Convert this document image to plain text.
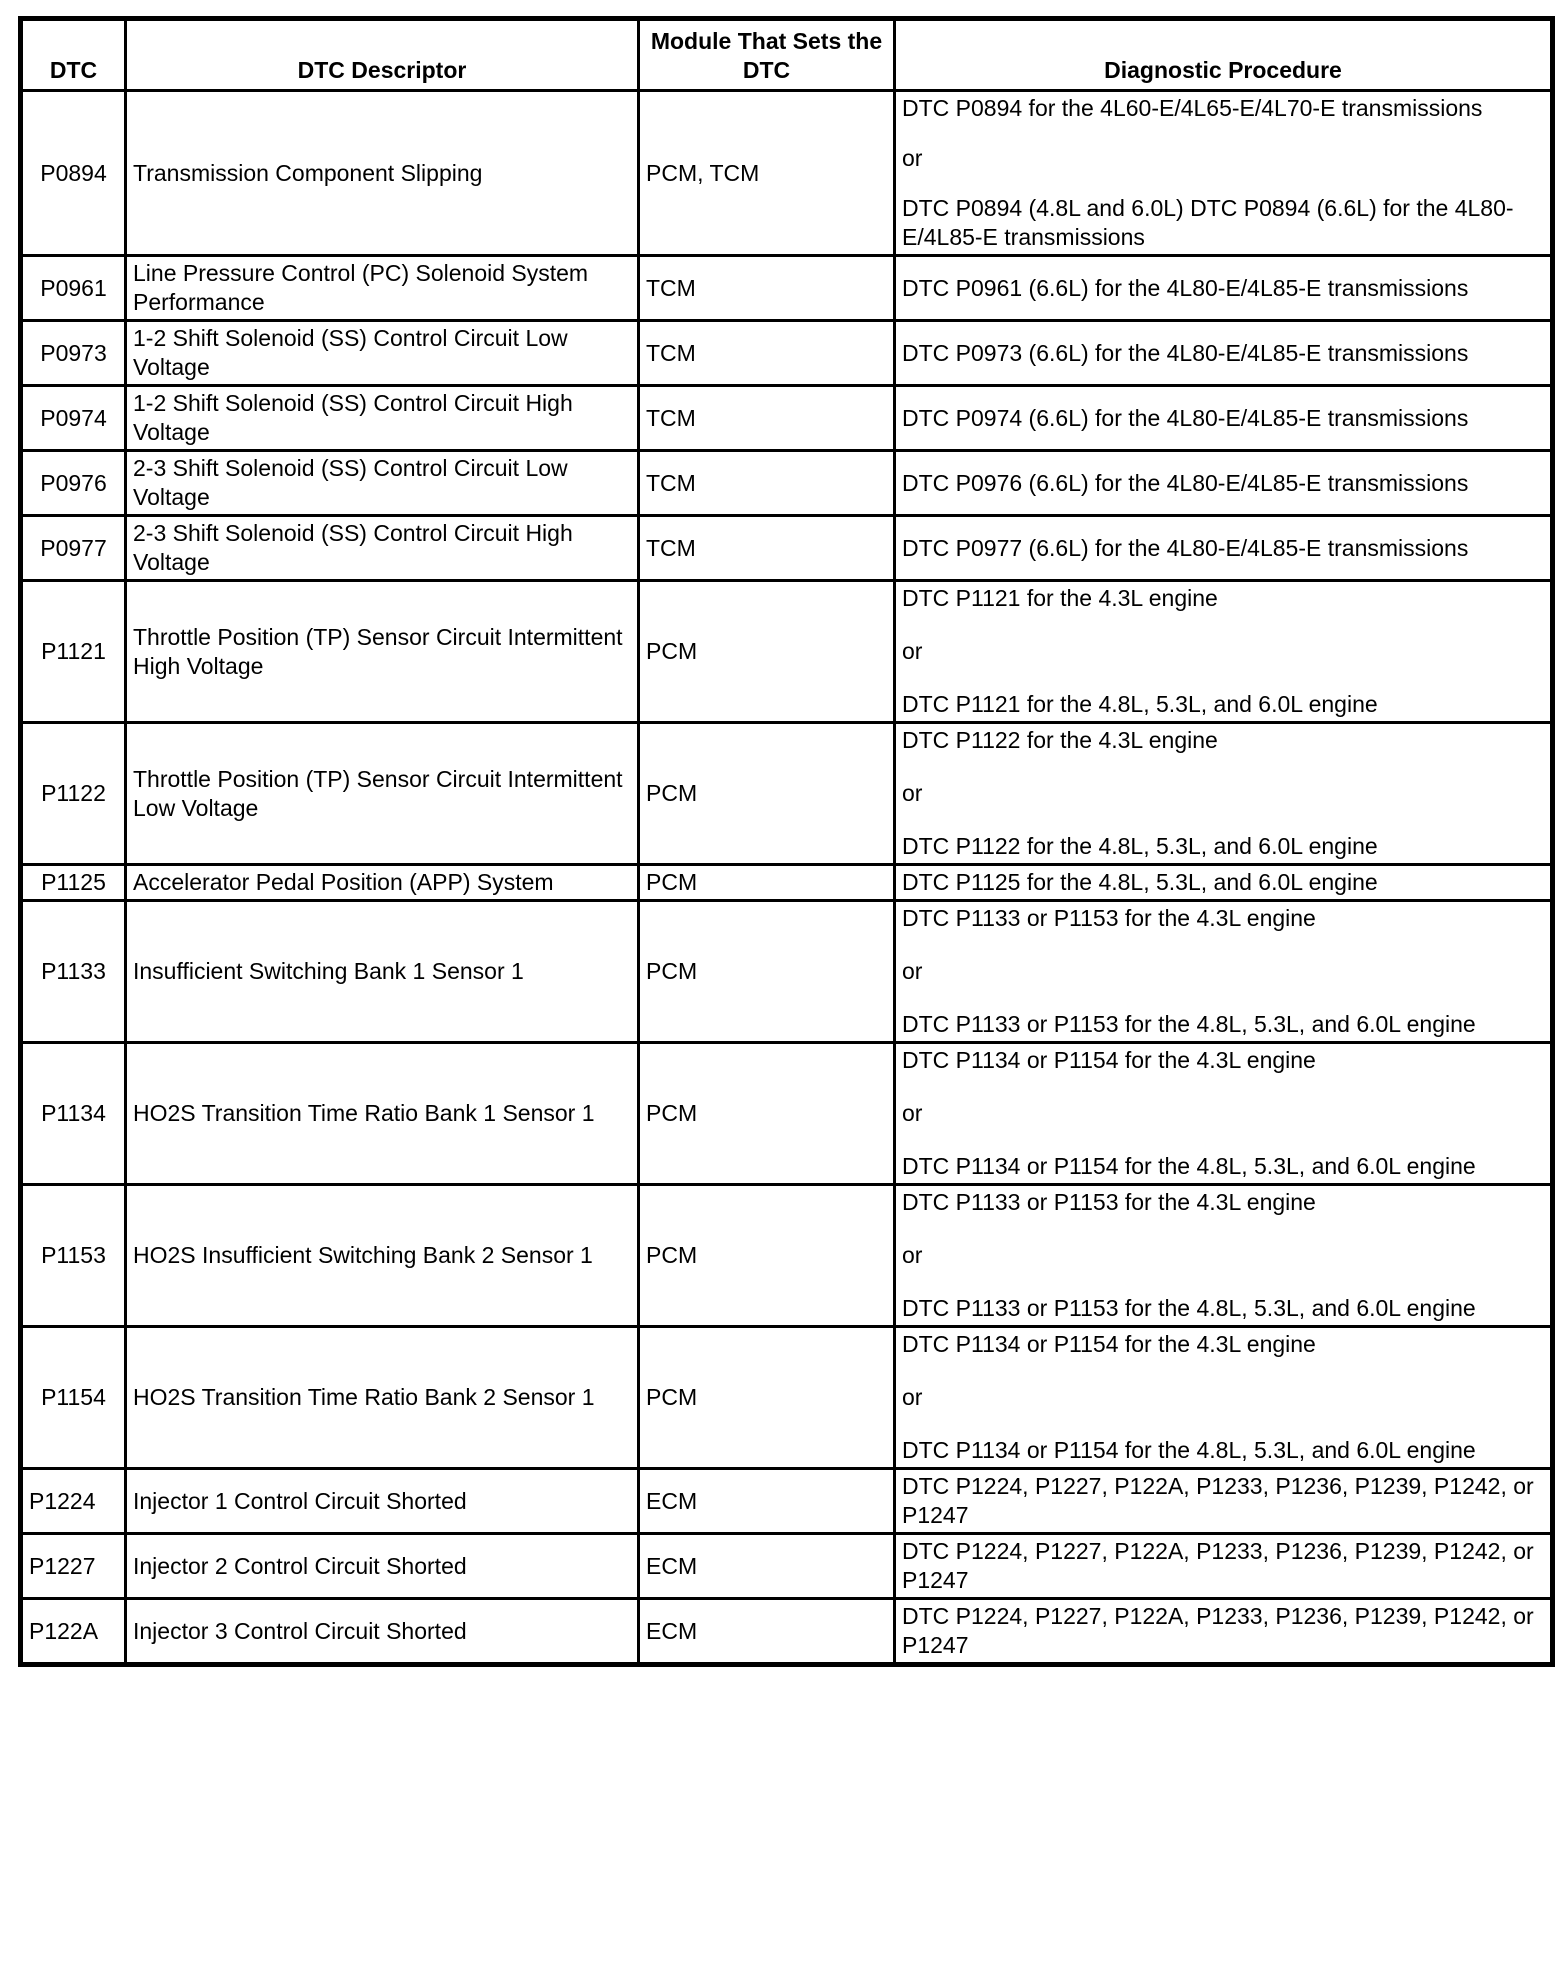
DTC	DTC Descriptor	Module That Sets the DTC	Diagnostic Procedure
P0894	Transmission Component Slipping	PCM, TCM	DTC P0894 for the 4L60-E/4L65-E/4L70-E transmissions
or
DTC P0894 (4.8L and 6.0L) DTC P0894 (6.6L) for the 4L80-E/4L85-E transmissions

P0961	Line Pressure Control (PC) Solenoid System Performance	TCM	DTC P0961 (6.6L) for the 4L80-E/4L85-E transmissions

P0973	1-2 Shift Solenoid (SS) Control Circuit Low Voltage	TCM	DTC P0973 (6.6L) for the 4L80-E/4L85-E transmissions

P0974	1-2 Shift Solenoid (SS) Control Circuit High Voltage	TCM	DTC P0974 (6.6L) for the 4L80-E/4L85-E transmissions

P0976	2-3 Shift Solenoid (SS) Control Circuit Low Voltage	TCM	DTC P0976 (6.6L) for the 4L80-E/4L85-E transmissions

P0977	2-3 Shift Solenoid (SS) Control Circuit High Voltage	TCM	DTC P0977 (6.6L) for the 4L80-E/4L85-E transmissions

P1121	Throttle Position (TP) Sensor Circuit Intermittent High Voltage	PCM	DTC P1121 for the 4.3L engine
or
DTC P1121 for the 4.8L, 5.3L, and 6.0L engine

P1122	Throttle Position (TP) Sensor Circuit Intermittent Low Voltage	PCM	DTC P1122 for the 4.3L engine
or
DTC P1122 for the 4.8L, 5.3L, and 6.0L engine

P1125	Accelerator Pedal Position (APP) System	PCM	DTC P1125 for the 4.8L, 5.3L, and 6.0L engine

P1133	Insufficient Switching Bank 1 Sensor 1	PCM	DTC P1133 or P1153 for the 4.3L engine
or
DTC P1133 or P1153 for the 4.8L, 5.3L, and 6.0L engine

P1134	HO2S Transition Time Ratio Bank 1 Sensor 1	PCM	DTC P1134 or P1154 for the 4.3L engine
or
DTC P1134 or P1154 for the 4.8L, 5.3L, and 6.0L engine

P1153	HO2S Insufficient Switching Bank 2 Sensor 1	PCM	DTC P1133 or P1153 for the 4.3L engine
or
DTC P1133 or P1153 for the 4.8L, 5.3L, and 6.0L engine

P1154	HO2S Transition Time Ratio Bank 2 Sensor 1	PCM	DTC P1134 or P1154 for the 4.3L engine
or
DTC P1134 or P1154 for the 4.8L, 5.3L, and 6.0L engine

P1224	Injector 1 Control Circuit Shorted	ECM	DTC P1224, P1227, P122A, P1233, P1236, P1239, P1242, or P1247

P1227	Injector 2 Control Circuit Shorted	ECM	DTC P1224, P1227, P122A, P1233, P1236, P1239, P1242, or P1247

P122A	Injector 3 Control Circuit Shorted	ECM	DTC P1224, P1227, P122A, P1233, P1236, P1239, P1242, or P1247
